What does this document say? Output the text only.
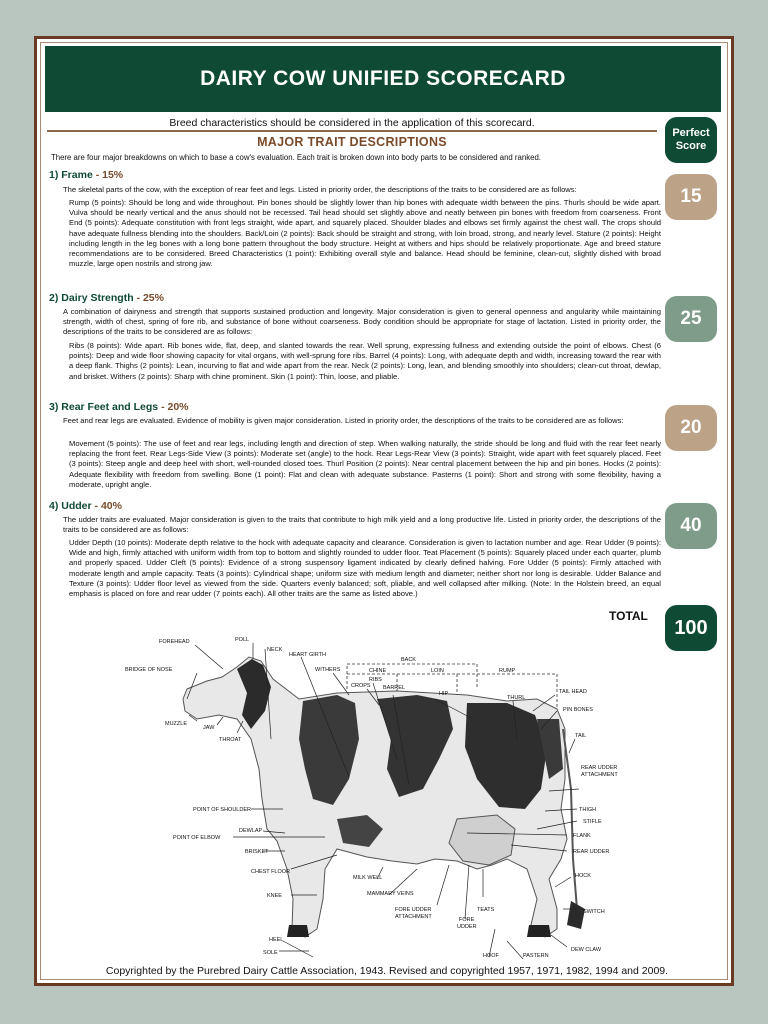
DAIRY COW UNIFIED SCORECARD
Breed characteristics should be considered in the application of this scorecard.
MAJOR TRAIT DESCRIPTIONS
There are four major breakdowns on which to base a cow's evaluation. Each trait is broken down into body parts to be considered and ranked.
Perfect
Score
1) Frame - 15%
The skeletal parts of the cow, with the exception of rear feet and legs. Listed in priority order, the descriptions of the traits to be considered are as follows:
Rump (5 points): Should be long and wide throughout. Pin bones should be slightly lower than hip bones with adequate width between the pins. Thurls should be wide apart. Vulva should be nearly vertical and the anus should not be recessed. Tail head should set slightly above and neatly between pin bones with freedom from coarseness. Front End (5 points): Adequate constitution with front legs straight, wide apart, and squarely placed. Shoulder blades and elbows set firmly against the chest wall. The crops should have adequate fullness blending into the shoulders. Back/Loin (2 points): Back should be straight and strong, with loin broad, strong, and nearly level. Stature (2 points): Height including length in the leg bones with a long bone pattern throughout the body structure. Height at withers and hips should be relatively proportionate. Age and breed stature recommendations are to be considered. Breed Characteristics (1 point): Exhibiting overall style and balance. Head should be feminine, clean-cut, slightly dished with broad muzzle, large open nostrils and strong jaw.
15
2) Dairy Strength - 25%
A combination of dairyness and strength that supports sustained production and longevity. Major consideration is given to general openness and angularity while maintaining strength, width of chest, spring of fore rib, and substance of bone without coarseness. Body condition should be appropriate for stage of lactation. Listed in priority order, the descriptions of the traits to be considered are as follows:
Ribs (8 points): Wide apart. Rib bones wide, flat, deep, and slanted towards the rear. Well sprung, expressing fullness and extending outside the point of elbows. Chest (6 points): Deep and wide floor showing capacity for vital organs, with well-sprung fore ribs. Barrel (4 points): Long, with adequate depth and width, increasing toward the rear with a deep flank. Thighs (2 points): Lean, incurving to flat and wide apart from the rear. Neck (2 points): Long, lean, and blending smoothly into shoulders; clean-cut throat, dewlap, and brisket. Withers (2 points): Sharp with chine prominent. Skin (1 point): Thin, loose, and pliable.
25
3) Rear Feet and Legs - 20%
Feet and rear legs are evaluated. Evidence of mobility is given major consideration. Listed in priority order, the descriptions of the traits to be considered are as follows:
Movement (5 points): The use of feet and rear legs, including length and direction of step. When walking naturally, the stride should be long and fluid with the rear feet nearly replacing the front feet. Rear Legs-Side View (3 points): Moderate set (angle) to the hock. Rear Legs-Rear View (3 points): Straight, wide apart with feet squarely placed. Feet (3 points): Steep angle and deep heel with short, well-rounded closed toes. Thurl Position (2 points): Near central placement between the hip and pin bones. Hocks (2 points): Adequate flexibility with freedom from swelling. Bone (1 point): Flat and clean with adequate substance. Pasterns (1 point): Short and strong with some flexibility, having a moderate, upright angle.
20
4) Udder - 40%
The udder traits are evaluated. Major consideration is given to the traits that contribute to high milk yield and a long productive life. Listed in priority order, the descriptions of the traits to be considered are as follows:
Udder Depth (10 points): Moderate depth relative to the hock with adequate capacity and clearance. Consideration is given to lactation number and age. Rear Udder (9 points): Wide and high, firmly attached with uniform width from top to bottom and slightly rounded to udder floor. Teat Placement (5 points): Squarely placed under each quarter, plumb and properly spaced. Udder Cleft (5 points): Evidence of a strong suspensory ligament indicated by clearly defined halving. Fore Udder (5 points): Firmly attached with moderate length and ample capacity. Teats (3 points): Cylindrical shape; uniform size with medium length and diameter; neither short nor long is desirable. Udder Balance and Texture (3 points): Udder floor level as viewed from the side. Quarters evenly balanced; soft, pliable, and well collapsed after milking. (Note: In the Holstein breed, an equal emphasis is placed on fore and rear udder (7 points each). All other traits are the same as listed above.)
40
TOTAL
100
POLL
FOREHEAD
NECK
HEART GIRTH
WITHERS
BACK
CHINE	LOIN	RUMP
BRIDGE OF NOSE
CROPS
RIBS
BARREL
HIP
THURL
TAIL HEAD
PIN BONES
MUZZLE
JAW
THROAT
TAIL
REAR UDDER
ATTACHMENT
POINT OF SHOULDER	THIGH
STIFLE
DEWLAP
FLANK
POINT OF ELBOW
BRISKET	REAR UDDER
CHEST FLOOR
HOCK
MILK WELL
KNEE	MAMMARY VEINS
FORE UDDER
ATTACHMENT	FORE
UDDER
TEATS	SWITCH
HEEL
SOLE	DEW CLAW
HOOF	PASTERN
Copyrighted by the Purebred Dairy Cattle Association, 1943. Revised and copyrighted 1957, 1971, 1982, 1994 and 2009.
